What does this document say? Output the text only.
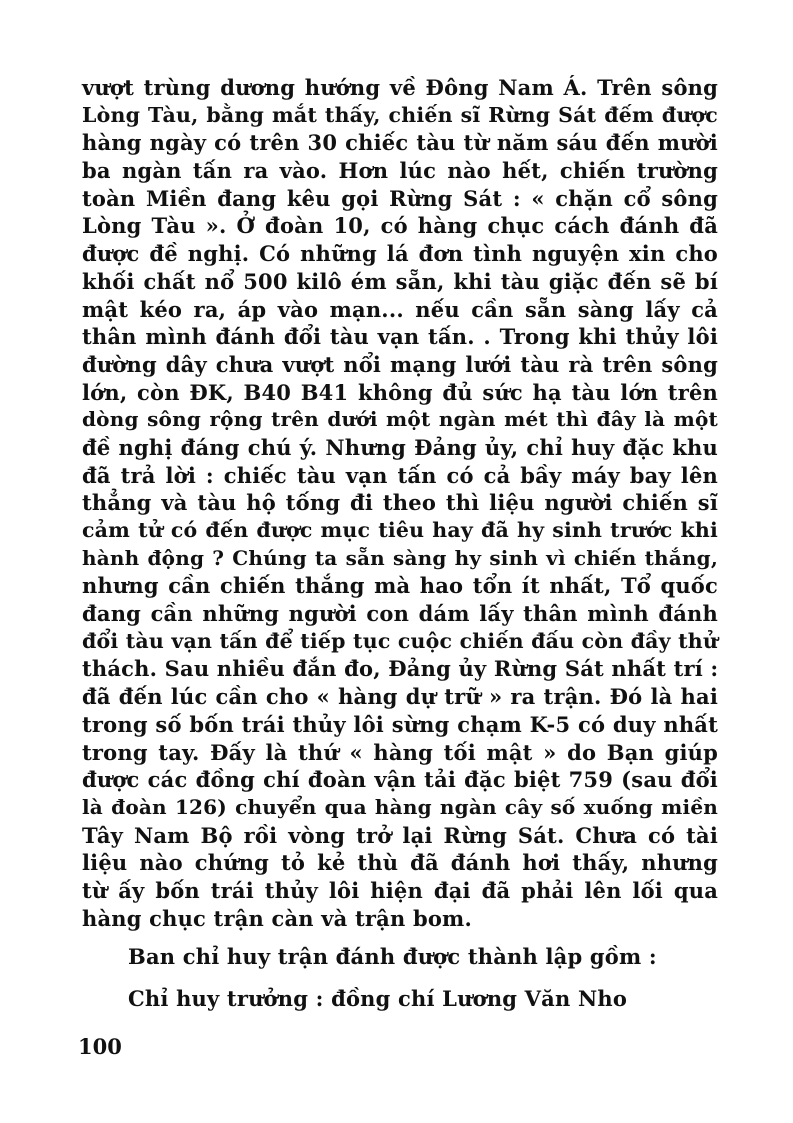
vượt trùng dương hướng về Đông Nam Á. Trên sông
Lòng Tàu, bằng mắt thấy, chiến sĩ Rừng Sát đếm được
hàng ngày có trên 30 chiếc tàu từ năm sáu đến mười
ba ngàn tấn ra vào. Hơn lúc nào hết, chiến trường
toàn Miền đang kêu gọi Rừng Sát : « chặn cổ sông
Lòng Tàu ». Ở đoàn 10, có hàng chục cách đánh đã
được đề nghị. Có những lá đơn tình nguyện xin cho
khối chất nổ 500 kilô ém sẵn, khi tàu giặc đến sẽ bí
mật kéo ra, áp vào mạn... nếu cần sẵn sàng lấy cả
thân mình đánh đổi tàu vạn tấn. . Trong khi thủy lôi
đường dây chưa vượt nổi mạng lưới tàu rà trên sông
lớn, còn ĐK, B40 B41 không đủ sức hạ tàu lớn trên
dòng sông rộng trên dưới một ngàn mét thì đây là một
đề nghị đáng chú ý. Nhưng Đảng ủy, chỉ huy đặc khu
đã trả lời : chiếc tàu vạn tấn có cả bầy máy bay lên
thẳng và tàu hộ tống đi theo thì liệu người chiến sĩ
cảm tử có đến được mục tiêu hay đã hy sinh trước khi
hành động ? Chúng ta sẵn sàng hy sinh vì chiến thắng,
nhưng cần chiến thắng mà hao tổn ít nhất, Tổ quốc
đang cần những người con dám lấy thân mình đánh
đổi tàu vạn tấn để tiếp tục cuộc chiến đấu còn đầy thử
thách. Sau nhiều đắn đo, Đảng ủy Rừng Sát nhất trí :
đã đến lúc cần cho « hàng dự trữ » ra trận. Đó là hai
trong số bốn trái thủy lôi sừng chạm K-5 có duy nhất
trong tay. Đấy là thứ « hàng tối mật » do Bạn giúp
được các đồng chí đoàn vận tải đặc biệt 759 (sau đổi
là đoàn 126) chuyển qua hàng ngàn cây số xuống miền
Tây Nam Bộ rồi vòng trở lại Rừng Sát. Chưa có tài
liệu nào chứng tỏ kẻ thù đã đánh hơi thấy, nhưng
từ ấy bốn trái thủy lôi hiện đại đã phải lên lối qua
hàng chục trận càn và trận bom.
Ban chỉ huy trận đánh được thành lập gồm :
Chỉ huy trưởng : đồng chí Lương Văn Nho
100
